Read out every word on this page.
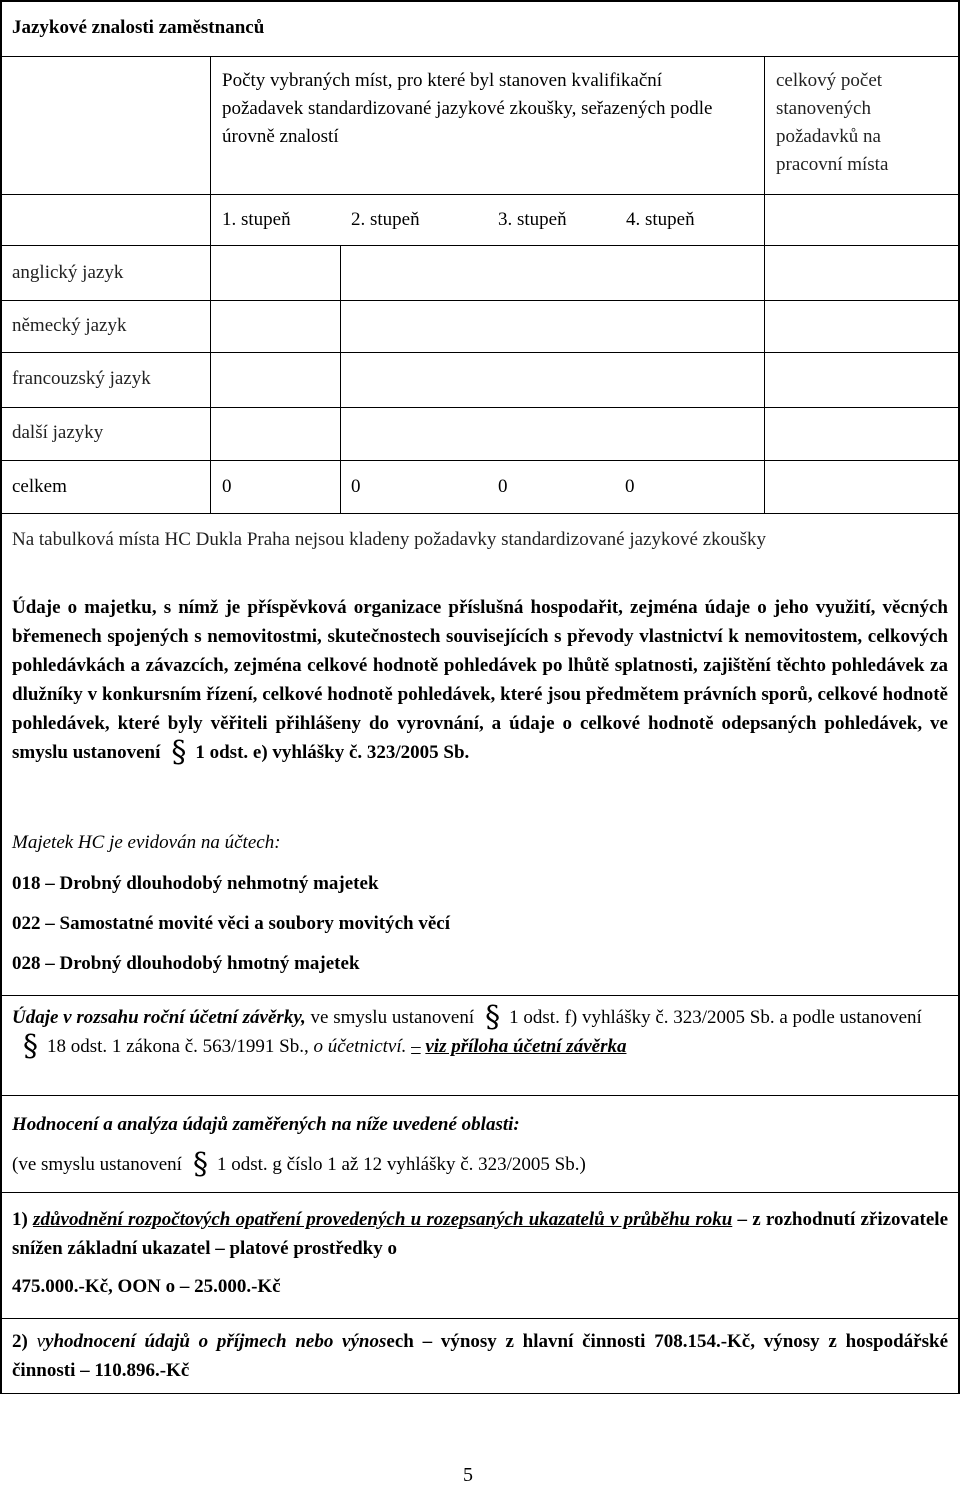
Jazykové znalosti zaměstnanců
Počty vybraných míst, pro které byl stanoven kvalifikační požadavek standardizované jazykové zkoušky, seřazených podle úrovně znalostí
celkový počet stanovených požadavků na pracovní místa
1. stupeň	2. stupeň	3. stupeň	4. stupeň
anglický jazyk
německý jazyk
francouzský jazyk
další jazyky
celkem	0	0	0	0
Na tabulková místa HC Dukla Praha nejsou kladeny požadavky standardizované jazykové zkoušky
Údaje o majetku, s nímž je příspěvková organizace příslušná hospodařit, zejména údaje o jeho využití, věcných břemenech spojených s nemovitostmi, skutečnostech souvisejících s převody vlastnictví k nemovitostem, celkových pohledávkách a závazcích, zejména celkové hodnotě pohledávek po lhůtě splatnosti, zajištění těchto pohledávek za dlužníky v konkursním řízení, celkové hodnotě pohledávek, které jsou předmětem právních sporů, celkové hodnotě pohledávek, které byly věřiteli přihlášeny do vyrovnání, a údaje o celkové hodnotě odepsaných pohledávek, ve smyslu ustanovení § 1 odst. e) vyhlášky č. 323/2005 Sb.
Majetek HC je evidován na účtech:
018 – Drobný dlouhodobý nehmotný majetek
022 – Samostatné movité věci a soubory movitých věcí
028 – Drobný dlouhodobý hmotný majetek
Údaje v rozsahu roční účetní závěrky, ve smyslu ustanovení § 1 odst. f) vyhlášky č. 323/2005 Sb. a podle ustanovení§ 18 odst. 1 zákona č. 563/1991 Sb., o účetnictví. – viz příloha účetní závěrka
Hodnocení a analýza údajů zaměřených na níže uvedené oblasti:
(ve smyslu ustanovení § 1 odst. g číslo 1 až 12 vyhlášky č. 323/2005 Sb.)
1) zdůvodnění rozpočtových opatření provedených u rozepsaných ukazatelů v průběhu roku – z rozhodnutí zřizovatele snížen základní ukazatel – platové prostředky o
475.000.-Kč, OON o – 25.000.-Kč
2) vyhodnocení údajů o příjmech nebo výnosech – výnosy z hlavní činnosti 708.154.-Kč, výnosy z hospodářské činnosti – 110.896.-Kč
5
